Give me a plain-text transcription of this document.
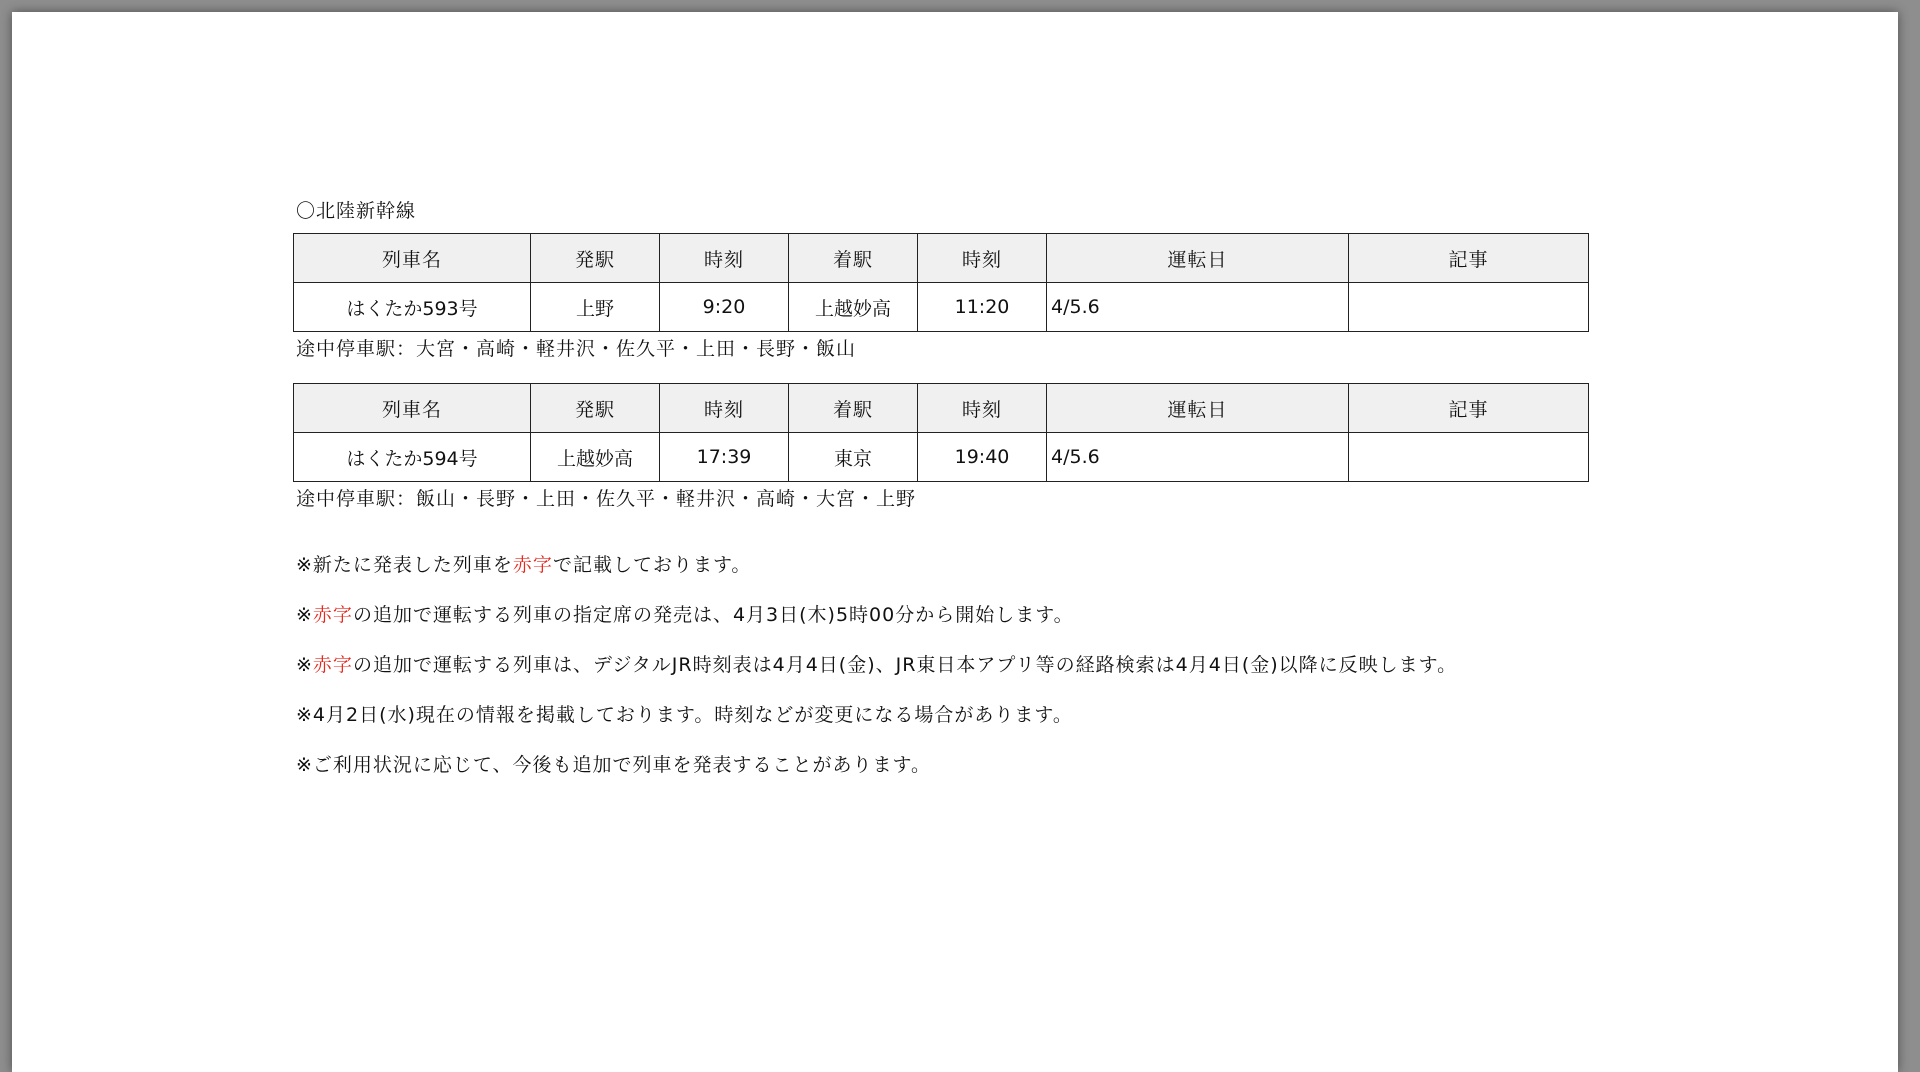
〇北陸新幹線
列車名	発駅	時刻	着駅	時刻	運転日	記事
はくたか593号	上野	9:20	上越妙高	11:20	4/5.6	
途中停車駅：大宮・高崎・軽井沢・佐久平・上田・長野・飯山
列車名	発駅	時刻	着駅	時刻	運転日	記事
はくたか594号	上越妙高	17:39	東京	19:40	4/5.6	
途中停車駅：飯山・長野・上田・佐久平・軽井沢・高崎・大宮・上野
※新たに発表した列車を赤字で記載しております。
※赤字の追加で運転する列車の指定席の発売は、4月3日(木)5時00分から開始します。
※赤字の追加で運転する列車は、デジタルJR時刻表は4月4日(金)、JR東日本アプリ等の経路検索は4月4日(金)以降に反映します。
※4月2日(水)現在の情報を掲載しております。時刻などが変更になる場合があります。
※ご利用状況に応じて、今後も追加で列車を発表することがあります。
